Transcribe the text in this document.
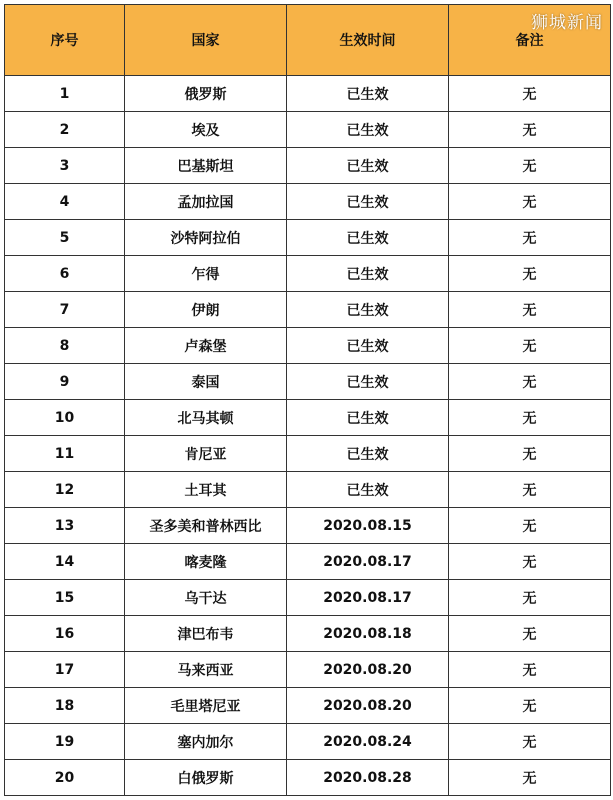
序号	国家	生效时间	备注
1	俄罗斯	已生效	无
2	埃及	已生效	无
3	巴基斯坦	已生效	无
4	孟加拉国	已生效	无
5	沙特阿拉伯	已生效	无
6	乍得	已生效	无
7	伊朗	已生效	无
8	卢森堡	已生效	无
9	泰国	已生效	无
10	北马其顿	已生效	无
11	肯尼亚	已生效	无
12	土耳其	已生效	无
13	圣多美和普林西比	2020.08.15	无
14	喀麦隆	2020.08.17	无
15	乌干达	2020.08.17	无
16	津巴布韦	2020.08.18	无
17	马来西亚	2020.08.20	无
18	毛里塔尼亚	2020.08.20	无
19	塞内加尔	2020.08.24	无
20	白俄罗斯	2020.08.28	无
狮城新闻
